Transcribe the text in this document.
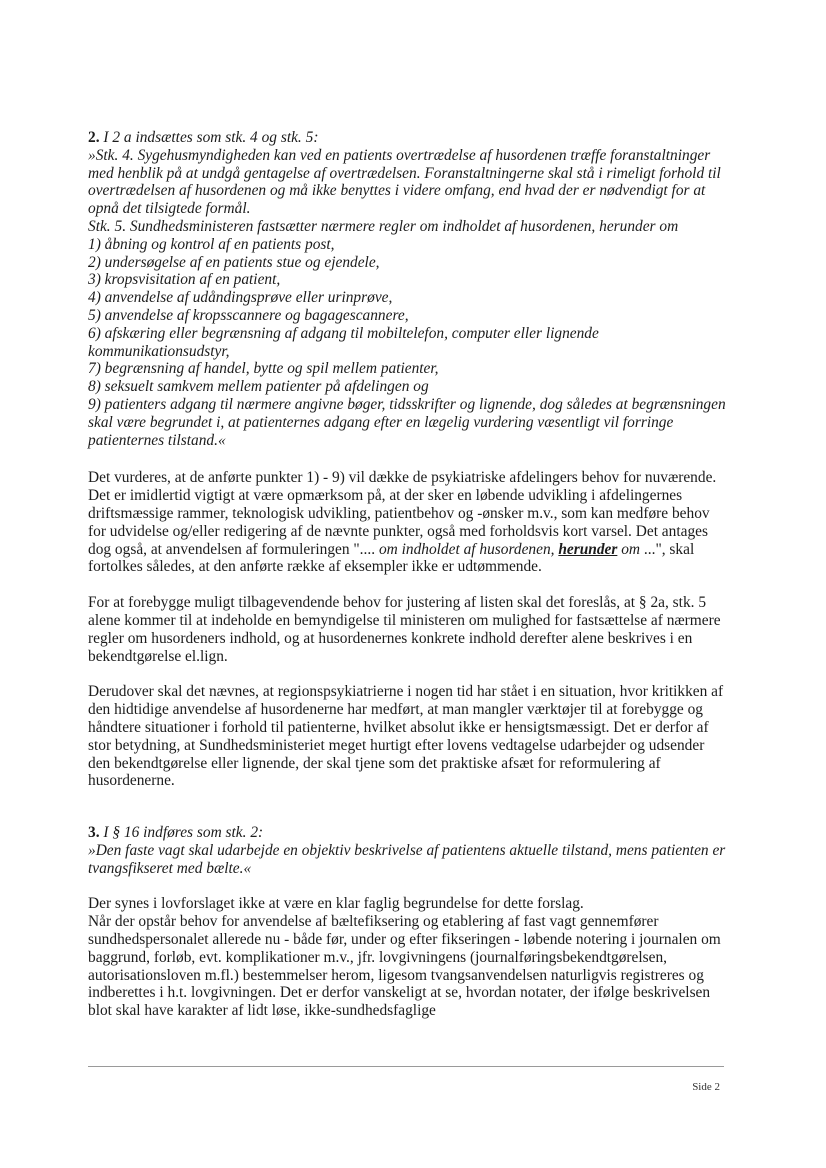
2. I 2 a indsættes som stk. 4 og stk. 5:

»Stk. 4. Sygehusmyndigheden kan ved en patients overtrædelse af husordenen træffe foranstaltninger med henblik på at undgå gentagelse af overtrædelsen. Foranstaltningerne skal stå i rimeligt forhold til overtrædelsen af husordenen og må ikke benyttes i videre omfang, end hvad der er nødvendigt for at opnå det tilsigtede formål.

Stk. 5. Sundhedsministeren fastsætter nærmere regler om indholdet af husordenen, herunder om

1) åbning og kontrol af en patients post,

2) undersøgelse af en patients stue og ejendele,

3) kropsvisitation af en patient,

4) anvendelse af udåndingsprøve eller urinprøve,

5) anvendelse af kropsscannere og bagagescannere,

6) afskæring eller begrænsning af adgang til mobiltelefon, computer eller lignende kommunikationsudstyr,

7) begrænsning af handel, bytte og spil mellem patienter,

8) seksuelt samkvem mellem patienter på afdelingen og

9) patienters adgang til nærmere angivne bøger, tidsskrifter og lignende, dog således at begrænsningen skal være begrundet i, at patienternes adgang efter en lægelig vurdering væsentligt vil forringe patienternes tilstand.«

Det vurderes, at de anførte punkter 1) - 9) vil dække de psykiatriske afdelingers behov for nuværende. Det er imidlertid vigtigt at være opmærksom på, at der sker en løbende udvikling i afdelingernes driftsmæssige rammer, teknologisk udvikling, patientbehov og -ønsker m.v., som kan medføre behov for udvidelse og/eller redigering af de nævnte punkter, også med forholdsvis kort varsel. Det antages dog også, at anvendelsen af formuleringen ".... om indholdet af husordenen, herunder om ...", skal fortolkes således, at den anførte række af eksempler ikke er udtømmende.

For at forebygge muligt tilbagevendende behov for justering af listen skal det foreslås, at § 2a, stk. 5 alene kommer til at indeholde en bemyndigelse til ministeren om mulighed for fastsættelse af nærmere regler om husordeners indhold, og at husordenernes konkrete indhold derefter alene beskrives i en bekendtgørelse el.lign.

Derudover skal det nævnes, at regionspsykiatrierne i nogen tid har stået i en situation, hvor kritikken af den hidtidige anvendelse af husordenerne har medført, at man mangler værktøjer til at forebygge og håndtere situationer i forhold til patienterne, hvilket absolut ikke er hensigtsmæssigt. Det er derfor af stor betydning, at Sundhedsministeriet meget hurtigt efter lovens vedtagelse udarbejder og udsender den bekendtgørelse eller lignende, der skal tjene som det praktiske afsæt for reformulering af husordenerne.

3. I § 16 indføres som stk. 2:

»Den faste vagt skal udarbejde en objektiv beskrivelse af patientens aktuelle tilstand, mens patienten er tvangsfikseret med bælte.«

Der synes i lovforslaget ikke at være en klar faglig begrundelse for dette forslag.

Når der opstår behov for anvendelse af bæltefiksering og etablering af fast vagt gennemfører sundhedspersonalet allerede nu - både før, under og efter fikseringen - løbende notering i journalen om baggrund, forløb, evt. komplikationer m.v., jfr. lovgivningens (journalføringsbekendtgørelsen, autorisationsloven m.fl.) bestemmelser herom, ligesom tvangsanvendelsen naturligvis registreres og indberettes i h.t. lovgivningen. Det er derfor vanskeligt at se, hvordan notater, der ifølge beskrivelsen blot skal have karakter af lidt løse, ikke-sundhedsfaglige

Side 2
